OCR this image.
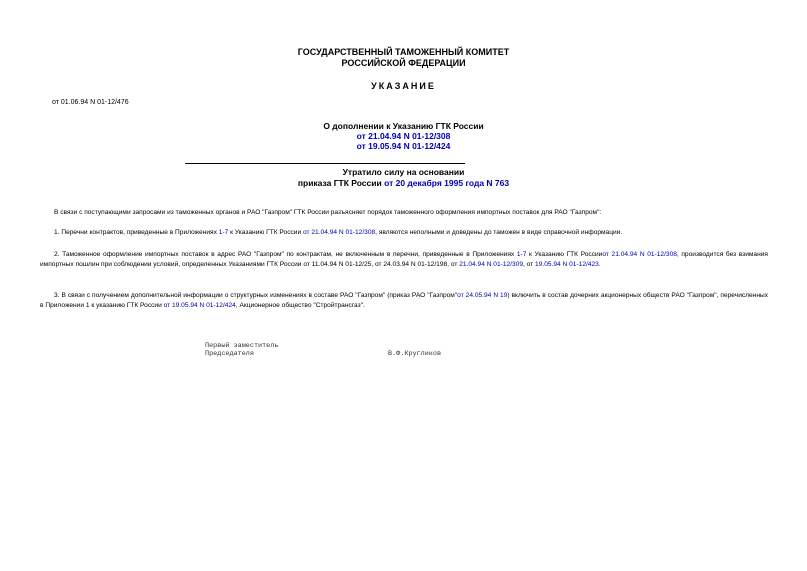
ГОСУДАРСТВЕННЫЙ ТАМОЖЕННЫЙ КОМИТЕТ
РОССИЙСКОЙ ФЕДЕРАЦИИ
УКАЗАНИЕ
от 01.06.94 N 01-12/476
О дополнении к Указанию ГТК России
от 21.04.94 N 01-12/308
от 19.05.94 N 01-12/424
Утратило силу на основании
приказа ГТК России от 20 декабря 1995 года N 763
В связи с поступающими запросами из таможенных органов и РАО "Газпром" ГТК России разъясняет порядок таможенного оформления импортных поставок для РАО "Газпром":
1. Перечни контрактов, приведенные в Приложениях 1-7 к Указанию ГТК России от 21.04.94 N 01-12/308, являются неполными и доведены до таможен в виде справочной информации.
2. Таможенное оформление импортных поставок в адрес РАО "Газпром" по контрактам, не включенным в перечни, приведенные в Приложениях 1-7 к Указанию ГТК Россииот 21.04.94 N 01-12/308, производится без взимания импортных пошлин при соблюдении условий, определенных Указаниями ГТК России от 11.04.94 N 01-12/25, от 24.03.94 N 01-12/198, от 21.04.94 N 01-12/309, от 19.05.94 N 01-12/423.
3. В связи с получением дополнительной информации о структурных изменениях в составе РАО "Газпром" (приказ РАО "Газпром"от 24.05.94 N 19) включить в состав дочерних акционерных обществ РАО "Газпром", перечисленных в Приложении 1 к указанию ГТК России от 19.05.94 N 01-12/424, Акционерное общество "Стройтрансгаз".
Первый заместитель
Председателя	В.Ф.Кругликов
